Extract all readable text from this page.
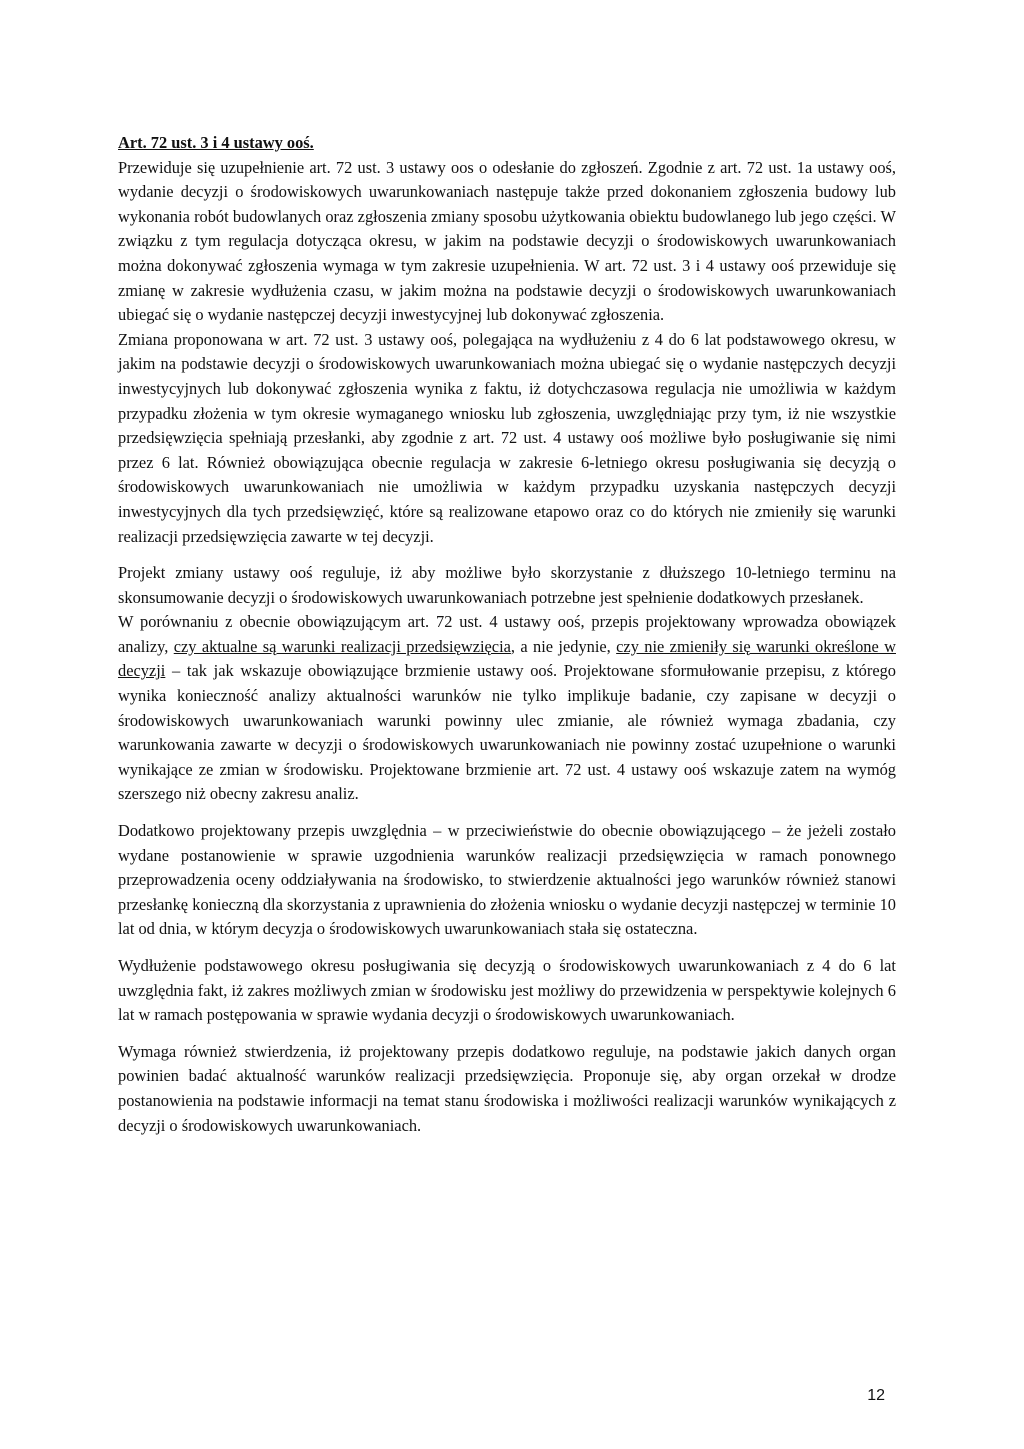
Art. 72 ust. 3 i 4 ustawy ooś.

Przewiduje się uzupełnienie art. 72 ust. 3 ustawy oos o odesłanie do zgłoszeń. Zgodnie z art. 72 ust. 1a ustawy ooś, wydanie decyzji o środowiskowych uwarunkowaniach następuje także przed dokonaniem zgłoszenia budowy lub wykonania robót budowlanych oraz zgłoszenia zmiany sposobu użytkowania obiektu budowlanego lub jego części. W związku z tym regulacja dotycząca okresu, w jakim na podstawie decyzji o środowiskowych uwarunkowaniach można dokonywać zgłoszenia wymaga w tym zakresie uzupełnienia. W art. 72 ust. 3 i 4 ustawy ooś przewiduje się zmianę w zakresie wydłużenia czasu, w jakim można na podstawie decyzji o środowiskowych uwarunkowaniach ubiegać się o wydanie następczej decyzji inwestycyjnej lub dokonywać zgłoszenia.

Zmiana proponowana w art. 72 ust. 3 ustawy ooś, polegająca na wydłużeniu z 4 do 6 lat podstawowego okresu, w jakim na podstawie decyzji o środowiskowych uwarunkowaniach można ubiegać się o wydanie następczych decyzji inwestycyjnych lub dokonywać zgłoszenia wynika z faktu, iż dotychczasowa regulacja nie umożliwia w każdym przypadku złożenia w tym okresie wymaganego wniosku lub zgłoszenia, uwzględniając przy tym, iż nie wszystkie przedsięwzięcia spełniają przesłanki, aby zgodnie z art. 72 ust. 4 ustawy ooś możliwe było posługiwanie się nimi przez 6 lat. Również obowiązująca obecnie regulacja w zakresie 6-letniego okresu posługiwania się decyzją o środowiskowych uwarunkowaniach nie umożliwia w każdym przypadku uzyskania następczych decyzji inwestycyjnych dla tych przedsięwzięć, które są realizowane etapowo oraz co do których nie zmieniły się warunki realizacji przedsięwzięcia zawarte w tej decyzji.

Projekt zmiany ustawy ooś reguluje, iż aby możliwe było skorzystanie z dłuższego 10-letniego terminu na skonsumowanie decyzji o środowiskowych uwarunkowaniach potrzebne jest spełnienie dodatkowych przesłanek.

W porównaniu z obecnie obowiązującym art. 72 ust. 4 ustawy ooś, przepis projektowany wprowadza obowiązek analizy, czy aktualne są warunki realizacji przedsięwzięcia, a nie jedynie, czy nie zmieniły się warunki określone w decyzji – tak jak wskazuje obowiązujące brzmienie ustawy ooś. Projektowane sformułowanie przepisu, z którego wynika konieczność analizy aktualności warunków nie tylko implikuje badanie, czy zapisane w decyzji o środowiskowych uwarunkowaniach warunki powinny ulec zmianie, ale również wymaga zbadania, czy warunkowania zawarte w decyzji o środowiskowych uwarunkowaniach nie powinny zostać uzupełnione o warunki wynikające ze zmian w środowisku. Projektowane brzmienie art. 72 ust. 4 ustawy ooś wskazuje zatem na wymóg szerszego niż obecny zakresu analiz.

Dodatkowo projektowany przepis uwzględnia – w przeciwieństwie do obecnie obowiązującego – że jeżeli zostało wydane postanowienie w sprawie uzgodnienia warunków realizacji przedsięwzięcia w ramach ponownego przeprowadzenia oceny oddziaływania na środowisko, to stwierdzenie aktualności jego warunków również stanowi przesłankę konieczną dla skorzystania z uprawnienia do złożenia wniosku o wydanie decyzji następczej w terminie 10 lat od dnia, w którym decyzja o środowiskowych uwarunkowaniach stała się ostateczna.

Wydłużenie podstawowego okresu posługiwania się decyzją o środowiskowych uwarunkowaniach z 4 do 6 lat uwzględnia fakt, iż zakres możliwych zmian w środowisku jest możliwy do przewidzenia w perspektywie kolejnych 6 lat w ramach postępowania w sprawie wydania decyzji o środowiskowych uwarunkowaniach.

Wymaga również stwierdzenia, iż projektowany przepis dodatkowo reguluje, na podstawie jakich danych organ powinien badać aktualność warunków realizacji przedsięwzięcia. Proponuje się, aby organ orzekał w drodze postanowienia na podstawie informacji na temat stanu środowiska i możliwości realizacji warunków wynikających z decyzji o środowiskowych uwarunkowaniach.

12
